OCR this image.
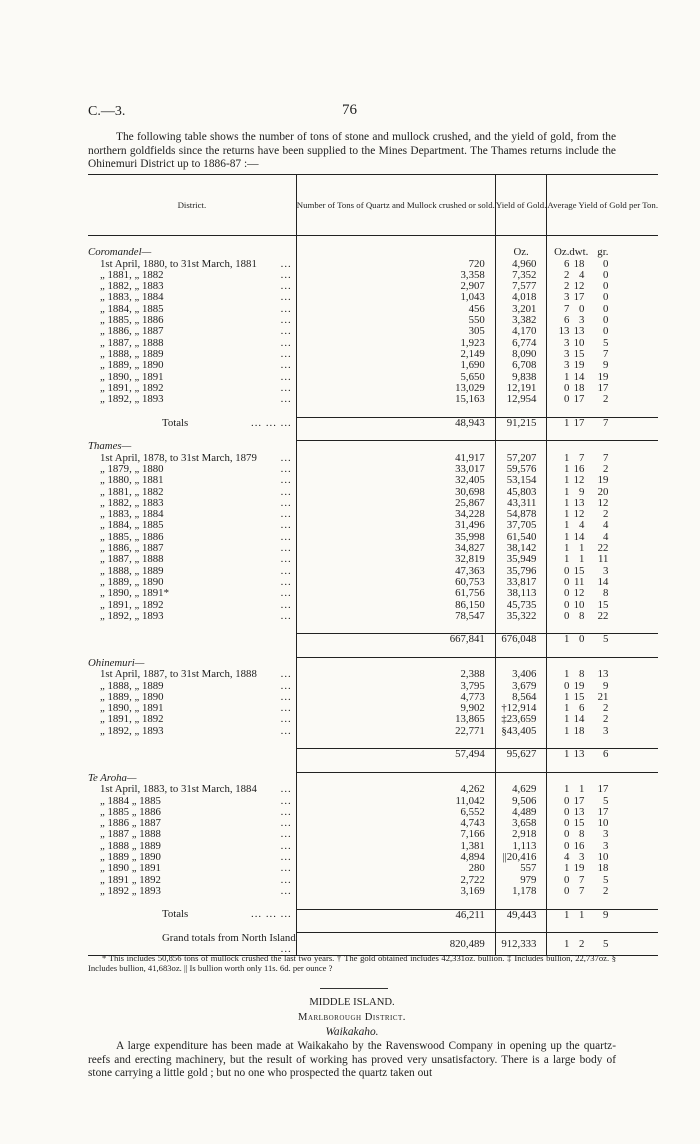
C.—3.	76

The following table shows the number of tons of stone and mullock crushed, and the yield of gold, from the northern goldfields since the returns have been supplied to the Mines Department. The Thames returns include the Ohinemuri District up to 1886-87 :—

District.	Number of Tons of Quartz and Mullock crushed or sold.	Yield of Gold.	Average Yield of Gold per Ton.

Coromandel—		Oz.	Oz.dwt. gr.
1st April, 1880, to 31st March, 1881 ...	720	4,960	6 18 0
„ 1881, „ 1882 ...	3,358	7,352	2 4 0
„ 1882, „ 1883 ...	2,907	7,577	2 12 0
„ 1883, „ 1884 ...	1,043	4,018	3 17 0
„ 1884, „ 1885 ...	456	3,201	7 0 0
„ 1885, „ 1886 ...	550	3,382	6 3 0
„ 1886, „ 1887 ...	305	4,170	13 13 0
„ 1887, „ 1888 ...	1,923	6,774	3 10 5
„ 1888, „ 1889 ...	2,149	8,090	3 15 7
„ 1889, „ 1890 ...	1,690	6,708	3 19 9
„ 1890, „ 1891 ...	5,650	9,838	1 14 19
„ 1891, „ 1892 ...	13,029	12,191	0 18 17
„ 1892, „ 1893 ...	15,163	12,954	0 17 2

Totals ... ... ...	48,943	91,215	1 17 7

Thames—			
1st April, 1878, to 31st March, 1879 ...	41,917	57,207	1 7 7
„ 1879, „ 1880 ...	33,017	59,576	1 16 2
„ 1880, „ 1881 ...	32,405	53,154	1 12 19
„ 1881, „ 1882 ...	30,698	45,803	1 9 20
„ 1882, „ 1883 ...	25,867	43,311	1 13 12
„ 1883, „ 1884 ...	34,228	54,878	1 12 2
„ 1884, „ 1885 ...	31,496	37,705	1 4 4
„ 1885, „ 1886 ...	35,998	61,540	1 14 4
„ 1886, „ 1887 ...	34,827	38,142	1 1 22
„ 1887, „ 1888 ...	32,819	35,949	1 1 11
„ 1888, „ 1889 ...	47,363	35,796	0 15 3
„ 1889, „ 1890 ...	60,753	33,817	0 11 14
„ 1890, „ 1891* ...	61,756	38,113	0 12 8
„ 1891, „ 1892 ...	86,150	45,735	0 10 15
„ 1892, „ 1893 ...	78,547	35,322	0 8 22

	667,841	676,048	1 0 5

Ohinemuri—			
1st April, 1887, to 31st March, 1888 ...	2,388	3,406	1 8 13
„ 1888, „ 1889 ...	3,795	3,679	0 19 9
„ 1889, „ 1890 ...	4,773	8,564	1 15 21
„ 1890, „ 1891 ...	9,902	†12,914	1 6 2
„ 1891, „ 1892 ...	13,865	‡23,659	1 14 2
„ 1892, „ 1893 ...	22,771	§43,405	1 18 3

	57,494	95,627	1 13 6

Te Aroha—			
1st April, 1883, to 31st March, 1884 ...	4,262	4,629	1 1 17
„ 1884 „ 1885 ...	11,042	9,506	0 17 5
„ 1885 „ 1886 ...	6,552	4,489	0 13 17
„ 1886 „ 1887 ...	4,743	3,658	0 15 10
„ 1887 „ 1888 ...	7,166	2,918	0 8 3
„ 1888 „ 1889 ...	1,381	1,113	0 16 3
„ 1889 „ 1890 ...	4,894	||20,416	4 3 10
„ 1890 „ 1891 ...	280	557	1 19 18
„ 1891 „ 1892 ...	2,722	979	0 7 5
„ 1892 „ 1893 ...	3,169	1,178	0 7 2

Totals ... ... ...	46,211	49,443	1 1 9

Grand totals from North Island
...	820,489	912,333	1 2 5

* This includes 50,856 tons of mullock crushed the last two years. † The gold obtained includes 42,331oz. bullion. ‡ Includes bullion, 22,737oz. § Includes bullion, 41,683oz. || Is bullion worth only 11s. 6d. per ounce ?

MIDDLE ISLAND.
Marlborough District.
Waikakaho.

A large expenditure has been made at Waikakaho by the Ravenswood Company in opening up the quartz-reefs and erecting machinery, but the result of working has proved very unsatisfactory. There is a large body of stone carrying a little gold ; but no one who prospected the quartz taken out
